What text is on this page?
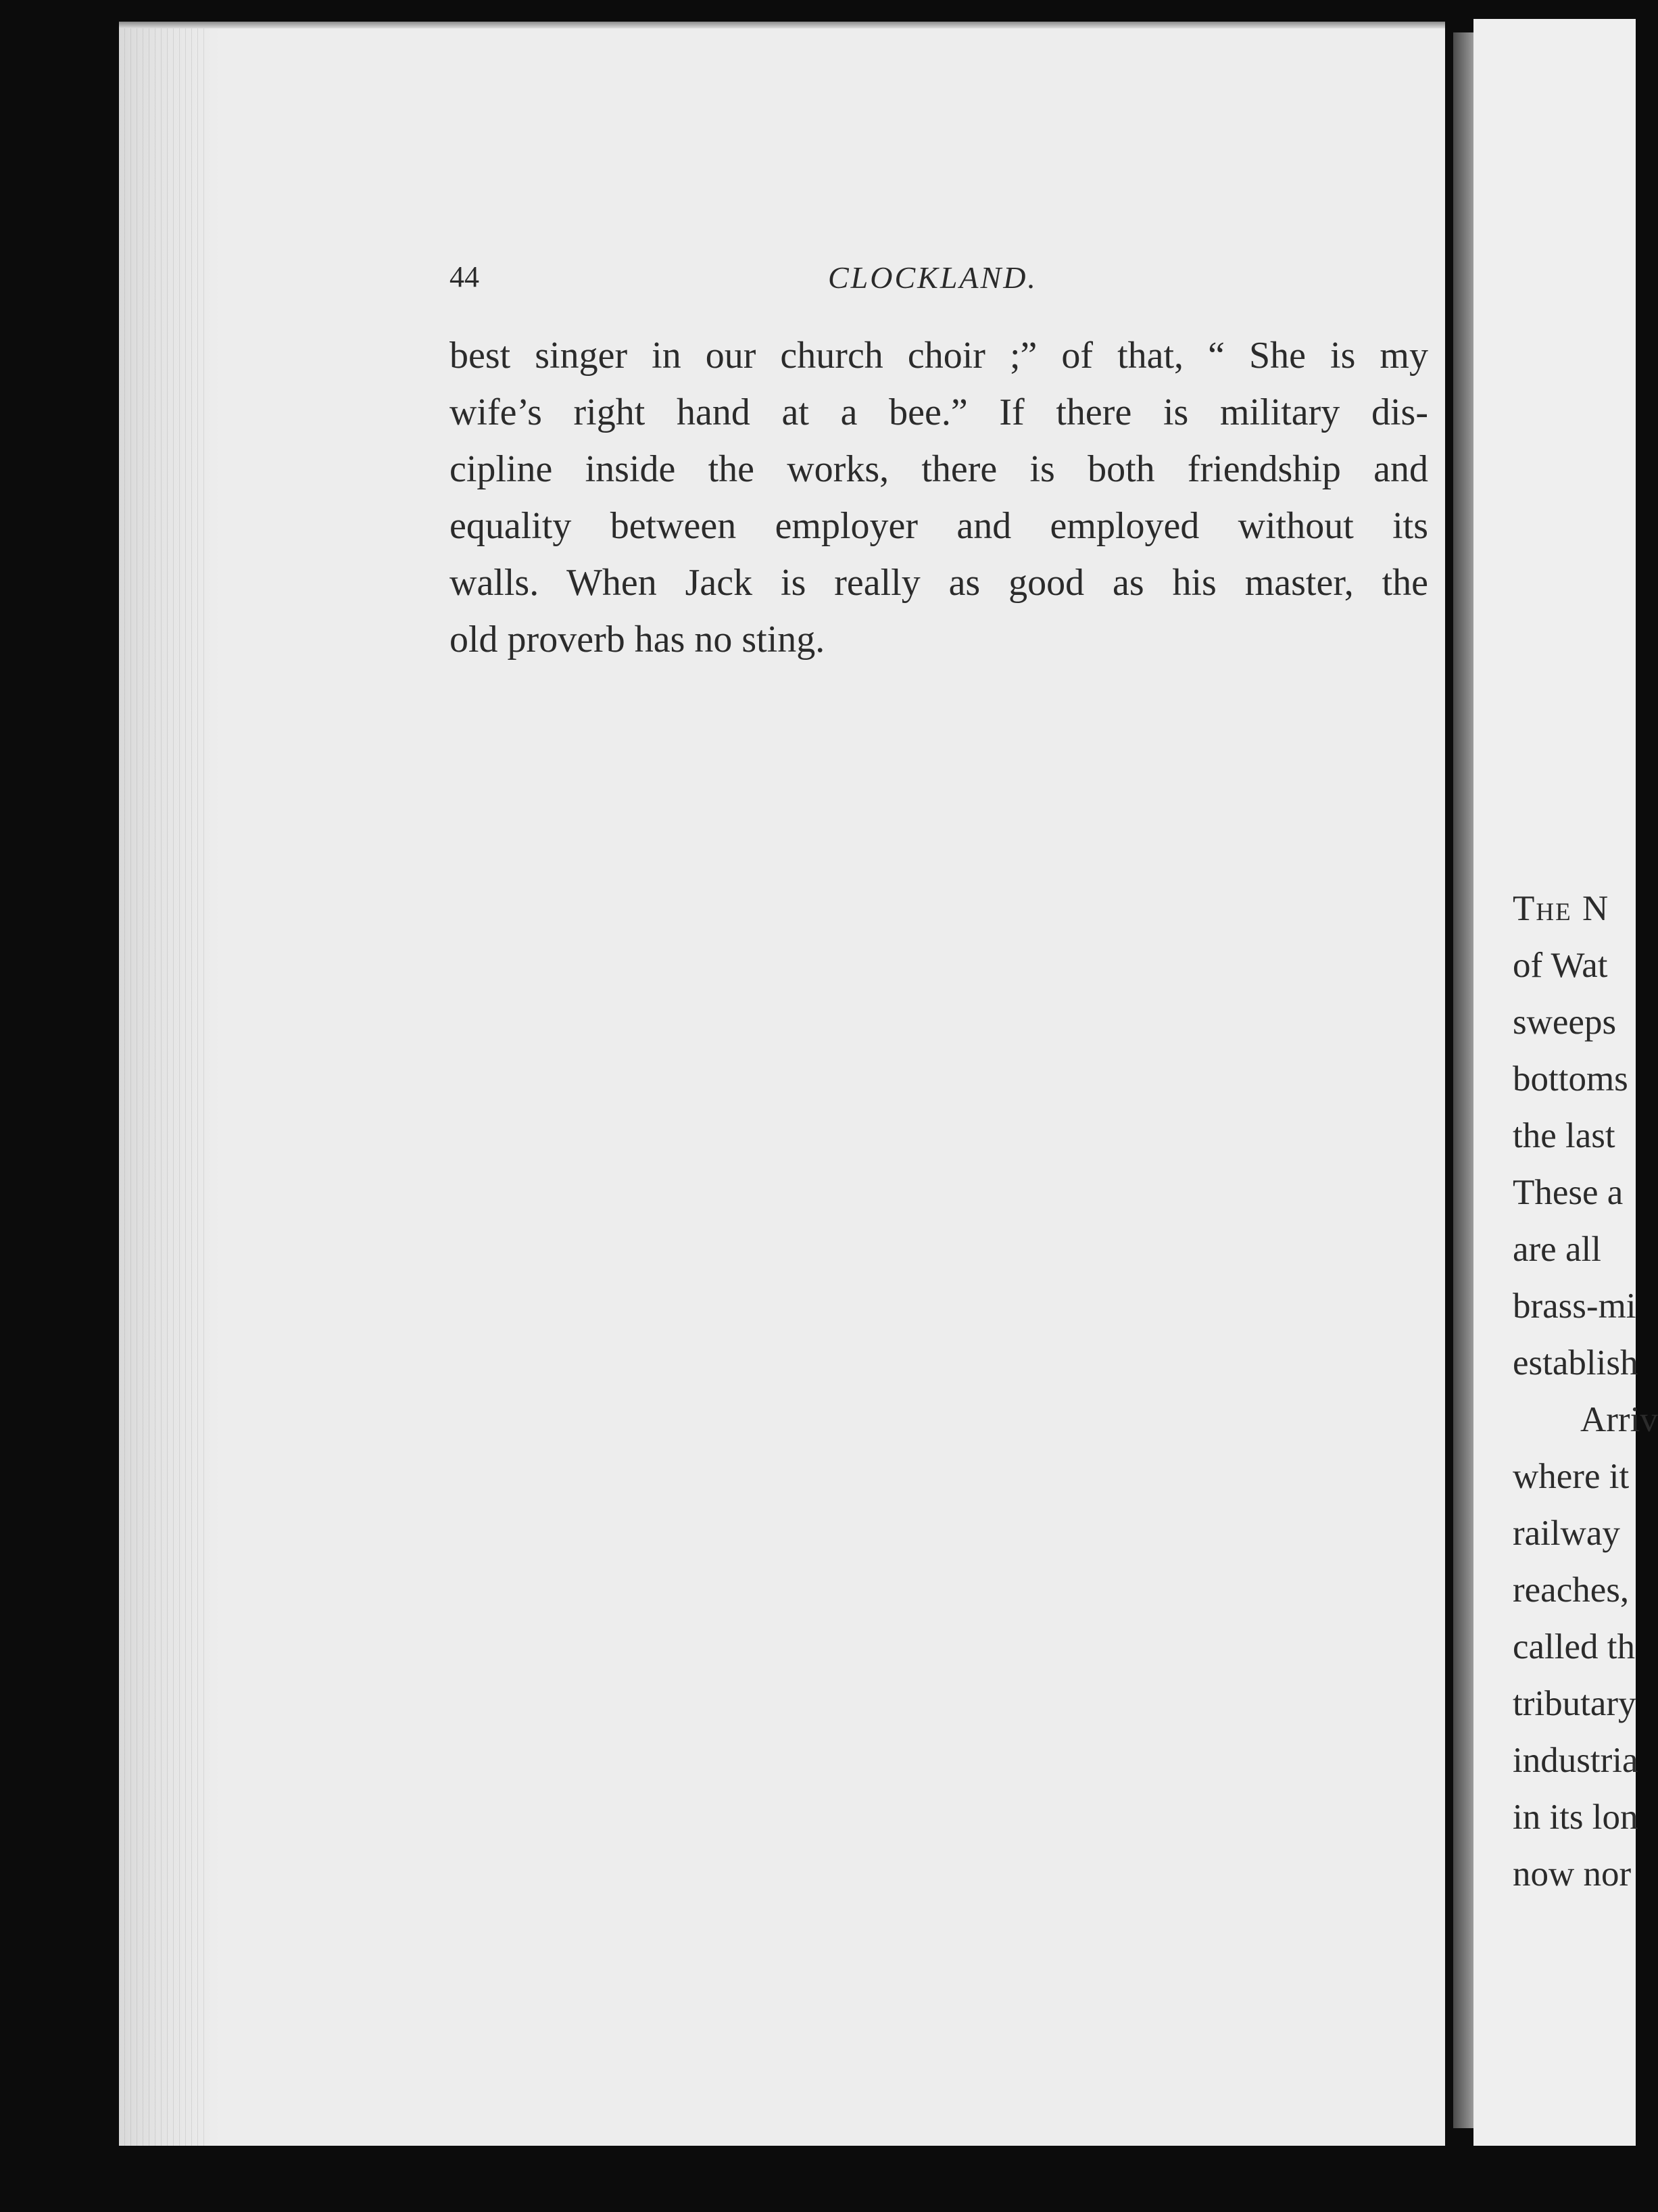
44	CLOCKLAND.

best singer in our church choir ;” of that, “ She is my
wife’s right hand at a bee.” If there is military dis-
cipline inside the works, there is both friendship and
equality between employer and employed without its
walls. When Jack is really as good as his master, the
old proverb has no sting.

The N
of Wat
sweeps
bottoms
the last
These a
are all
brass-mi
establish
Arriv
where it
railway
reaches,
called th
tributary
industria
in its lon
now nor
